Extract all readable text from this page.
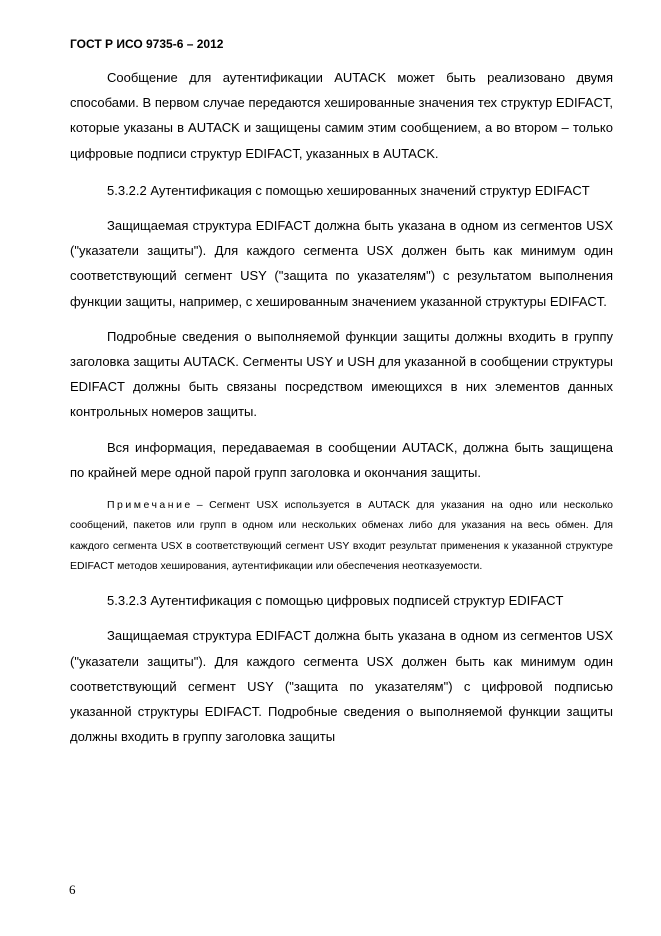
ГОСТ Р ИСО 9735-6 – 2012

Сообщение для аутентификации AUTACK может быть реализовано двумя способами. В первом случае передаются хешированные значения тех структур EDIFACT, которые указаны в AUTACK и защищены самим этим сообщением, а во втором – только цифровые подписи структур EDIFACT, указанных в AUTACK.

5.3.2.2 Аутентификация с помощью хешированных значений структур EDIFACT

Защищаемая структура EDIFACT должна быть указана в одном из сегментов USX ("указатели защиты"). Для каждого сегмента USX должен быть как минимум один соответствующий сегмент USY ("защита по указателям") с результатом выполнения функции защиты, например, с хешированным значением указанной структуры EDIFACT.

Подробные сведения о выполняемой функции защиты должны входить в группу заголовка защиты AUTACK. Сегменты USY и USH для указанной в сообщении структуры EDIFACT должны быть связаны посредством имеющихся в них элементов данных контрольных номеров защиты.

Вся информация, передаваемая в сообщении AUTACK, должна быть защищена по крайней мере одной парой групп заголовка и окончания защиты.

Примечание – Сегмент USX используется в AUTACK для указания на одно или несколько сообщений, пакетов или групп в одном или нескольких обменах либо для указания на весь обмен. Для каждого сегмента USX в соответствующий сегмент USY входит результат применения к указанной структуре EDIFACT методов хеширования, аутентификации или обеспечения неотказуемости.

5.3.2.3 Аутентификация с помощью цифровых подписей структур EDIFACT

Защищаемая структура EDIFACT должна быть указана в одном из сегментов USX ("указатели защиты"). Для каждого сегмента USX должен быть как минимум один соответствующий сегмент USY ("защита по указателям") с цифровой подписью указанной структуры EDIFACT. Подробные сведения о выполняемой функции защиты должны входить в группу заголовка защиты

6
